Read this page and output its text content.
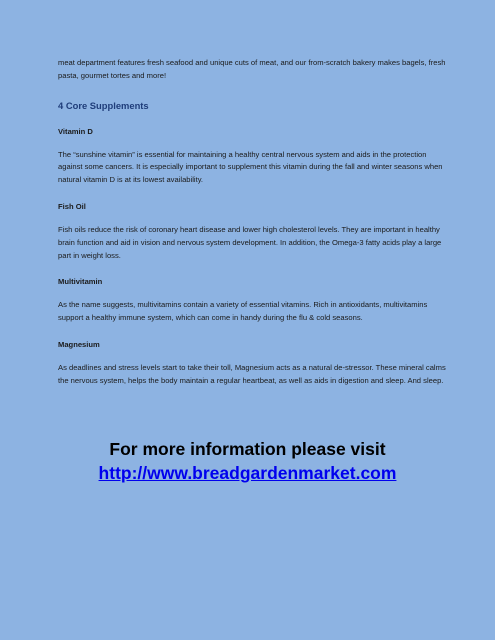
meat department features fresh seafood and unique cuts of meat, and our from-scratch bakery makes bagels, fresh pasta, gourmet tortes and more!

4 Core Supplements
Vitamin D

The “sunshine vitamin” is essential for maintaining a healthy central nervous system and aids in the protection against some cancers. It is especially important to supplement this vitamin during the fall and winter seasons when natural vitamin D is at its lowest availability.

Fish Oil

Fish oils reduce the risk of coronary heart disease and lower high cholesterol levels. They are important in healthy brain function and aid in vision and nervous system development. In addition, the Omega-3 fatty acids play a large part in weight loss.

Multivitamin

As the name suggests, multivitamins contain a variety of essential vitamins. Rich in antioxidants, multivitamins support a healthy immune system, which can come in handy during the flu & cold seasons.

Magnesium

As deadlines and stress levels start to take their toll, Magnesium acts as a natural de-stressor. These mineral calms the nervous system, helps the body maintain a regular heartbeat, as well as aids in digestion and sleep. And sleep.

For more information please visit

http://www.breadgardenmarket.com
